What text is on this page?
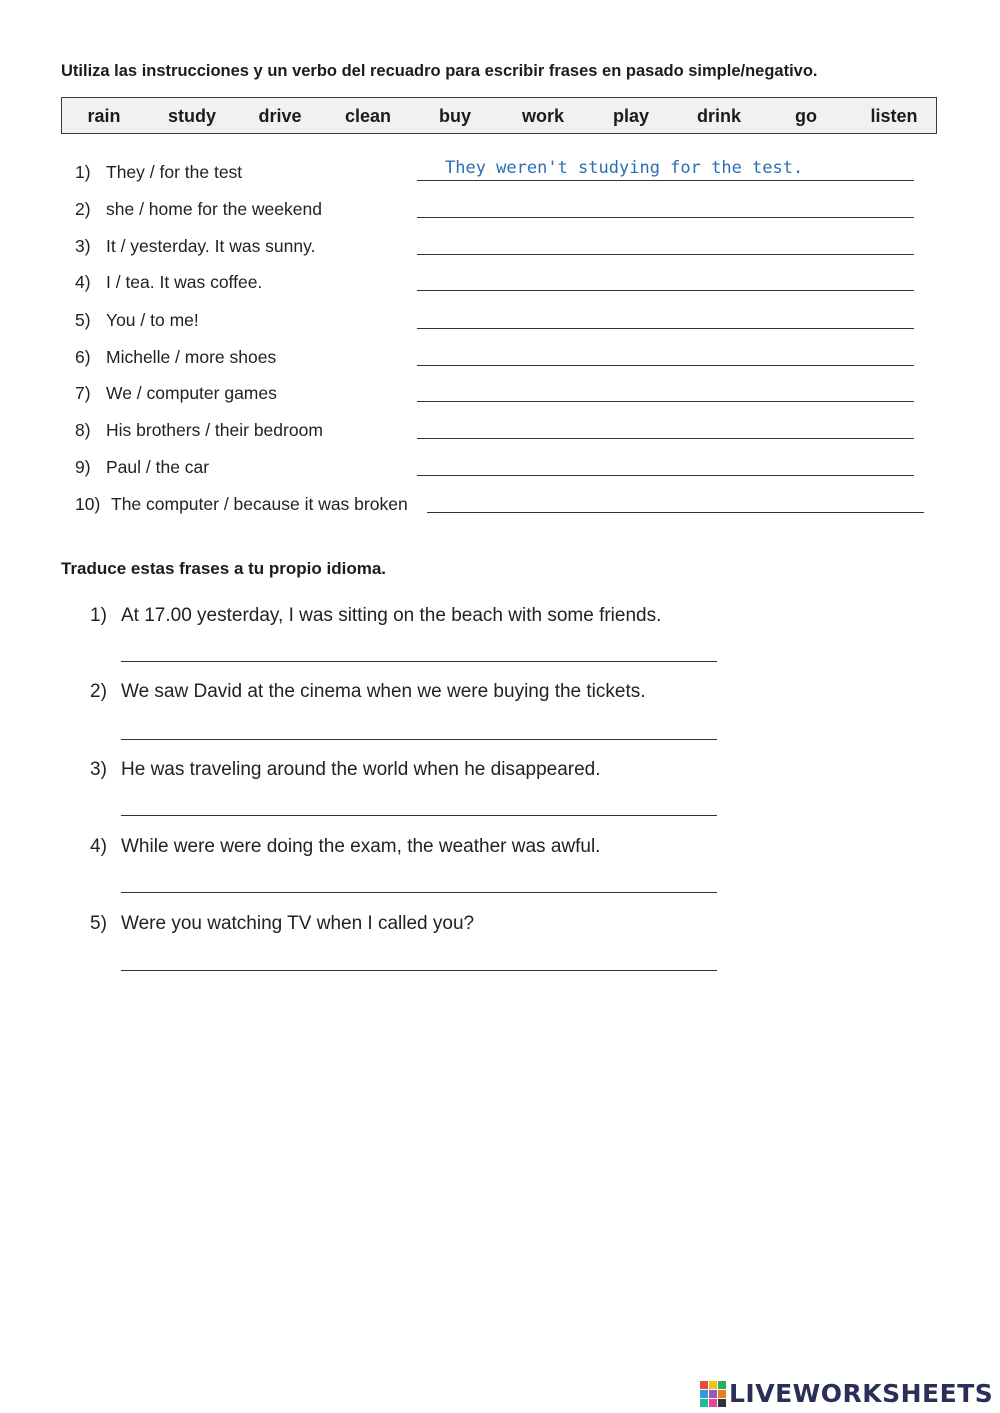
Utiliza las instrucciones y un verbo del recuadro para escribir frases en pasado simple/negativo.
rain	study drive clean	buy	work	play	drink	go	listen
1) They / for the test	They weren't studying for the test.
2) she / home for the weekend
3) It / yesterday. It was sunny.
4) I / tea. It was coffee.
5) You / to me!
6) Michelle / more shoes
7) We / computer games
8) His brothers / their bedroom
9) Paul / the car
10) The computer / because it was broken
Traduce estas frases a tu propio idioma.
1) At 17.00 yesterday, I was sitting on the beach with some friends.
2) We saw David at the cinema when we were buying the tickets.
3) He was traveling around the world when he disappeared.
4) While were were doing the exam, the weather was awful.
5) Were you watching TV when I called you?
LIVEWORKSHEETS
